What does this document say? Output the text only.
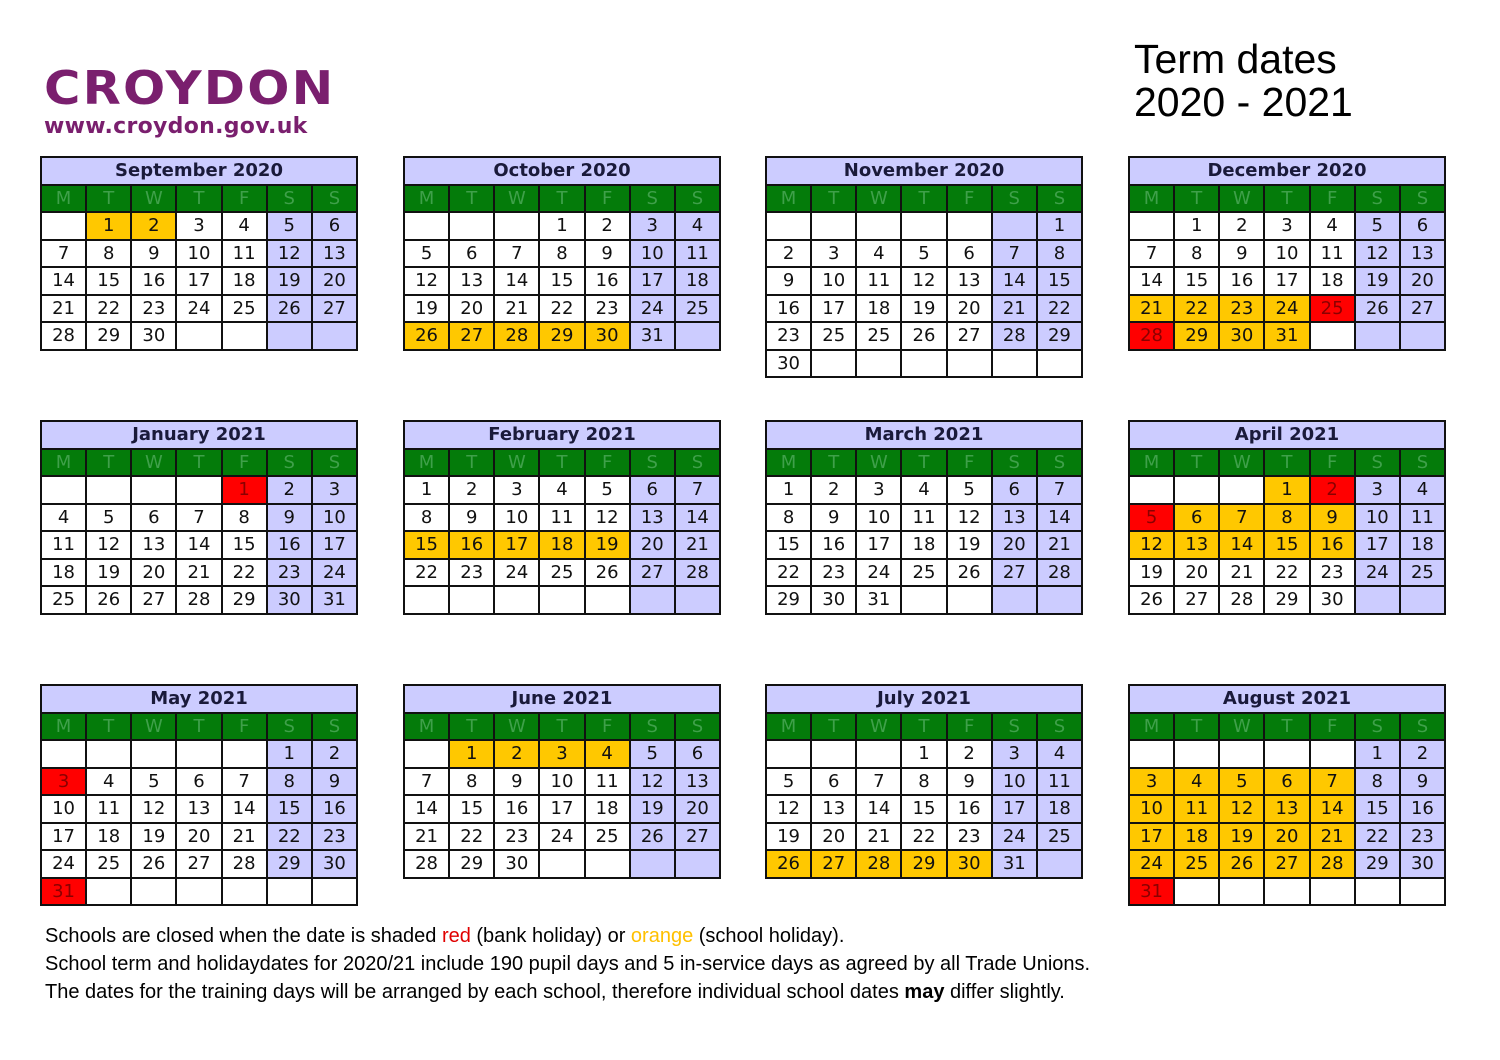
CROYDON
www.croydon.gov.uk
Term dates
2020 - 2021
September 2020						
M	T	W	T	F	S	S
	1	2	3	4	5	6
7	8	9	10	11	12	13
14	15	16	17	18	19	20
21	22	23	24	25	26	27
28	29	30				
October 2020						
M	T	W	T	F	S	S
			1	2	3	4
5	6	7	8	9	10	11
12	13	14	15	16	17	18
19	20	21	22	23	24	25
26	27	28	29	30	31	
November 2020						
M	T	W	T	F	S	S
						1
2	3	4	5	6	7	8
9	10	11	12	13	14	15
16	17	18	19	20	21	22
23	25	25	26	27	28	29
30						
December 2020						
M	T	W	T	F	S	S
	1	2	3	4	5	6
7	8	9	10	11	12	13
14	15	16	17	18	19	20
21	22	23	24	25	26	27
28	29	30	31			
January 2021						
M	T	W	T	F	S	S
				1	2	3
4	5	6	7	8	9	10
11	12	13	14	15	16	17
18	19	20	21	22	23	24
25	26	27	28	29	30	31
February 2021						
M	T	W	T	F	S	S
1	2	3	4	5	6	7
8	9	10	11	12	13	14
15	16	17	18	19	20	21
22	23	24	25	26	27	28

March 2021						
M	T	W	T	F	S	S
1	2	3	4	5	6	7
8	9	10	11	12	13	14
15	16	17	18	19	20	21
22	23	24	25	26	27	28
29	30	31				
April 2021						
M	T	W	T	F	S	S
			1	2	3	4
5	6	7	8	9	10	11
12	13	14	15	16	17	18
19	20	21	22	23	24	25
26	27	28	29	30		
May 2021						
M	T	W	T	F	S	S
					1	2
3	4	5	6	7	8	9
10	11	12	13	14	15	16
17	18	19	20	21	22	23
24	25	26	27	28	29	30
31						
June 2021						
M	T	W	T	F	S	S
	1	2	3	4	5	6
7	8	9	10	11	12	13
14	15	16	17	18	19	20
21	22	23	24	25	26	27
28	29	30				
July 2021						
M	T	W	T	F	S	S
			1	2	3	4
5	6	7	8	9	10	11
12	13	14	15	16	17	18
19	20	21	22	23	24	25
26	27	28	29	30	31	
August 2021						
M	T	W	T	F	S	S
					1	2
3	4	5	6	7	8	9
10	11	12	13	14	15	16
17	18	19	20	21	22	23
24	25	26	27	28	29	30
31						
Schools are closed when the date is shaded red (bank holiday) or orange (school holiday).
School term and holidaydates for 2020/21 include 190 pupil days and 5 in-service days as agreed by all Trade Unions.
The dates for the training days will be arranged by each school, therefore individual school dates may differ slightly.
